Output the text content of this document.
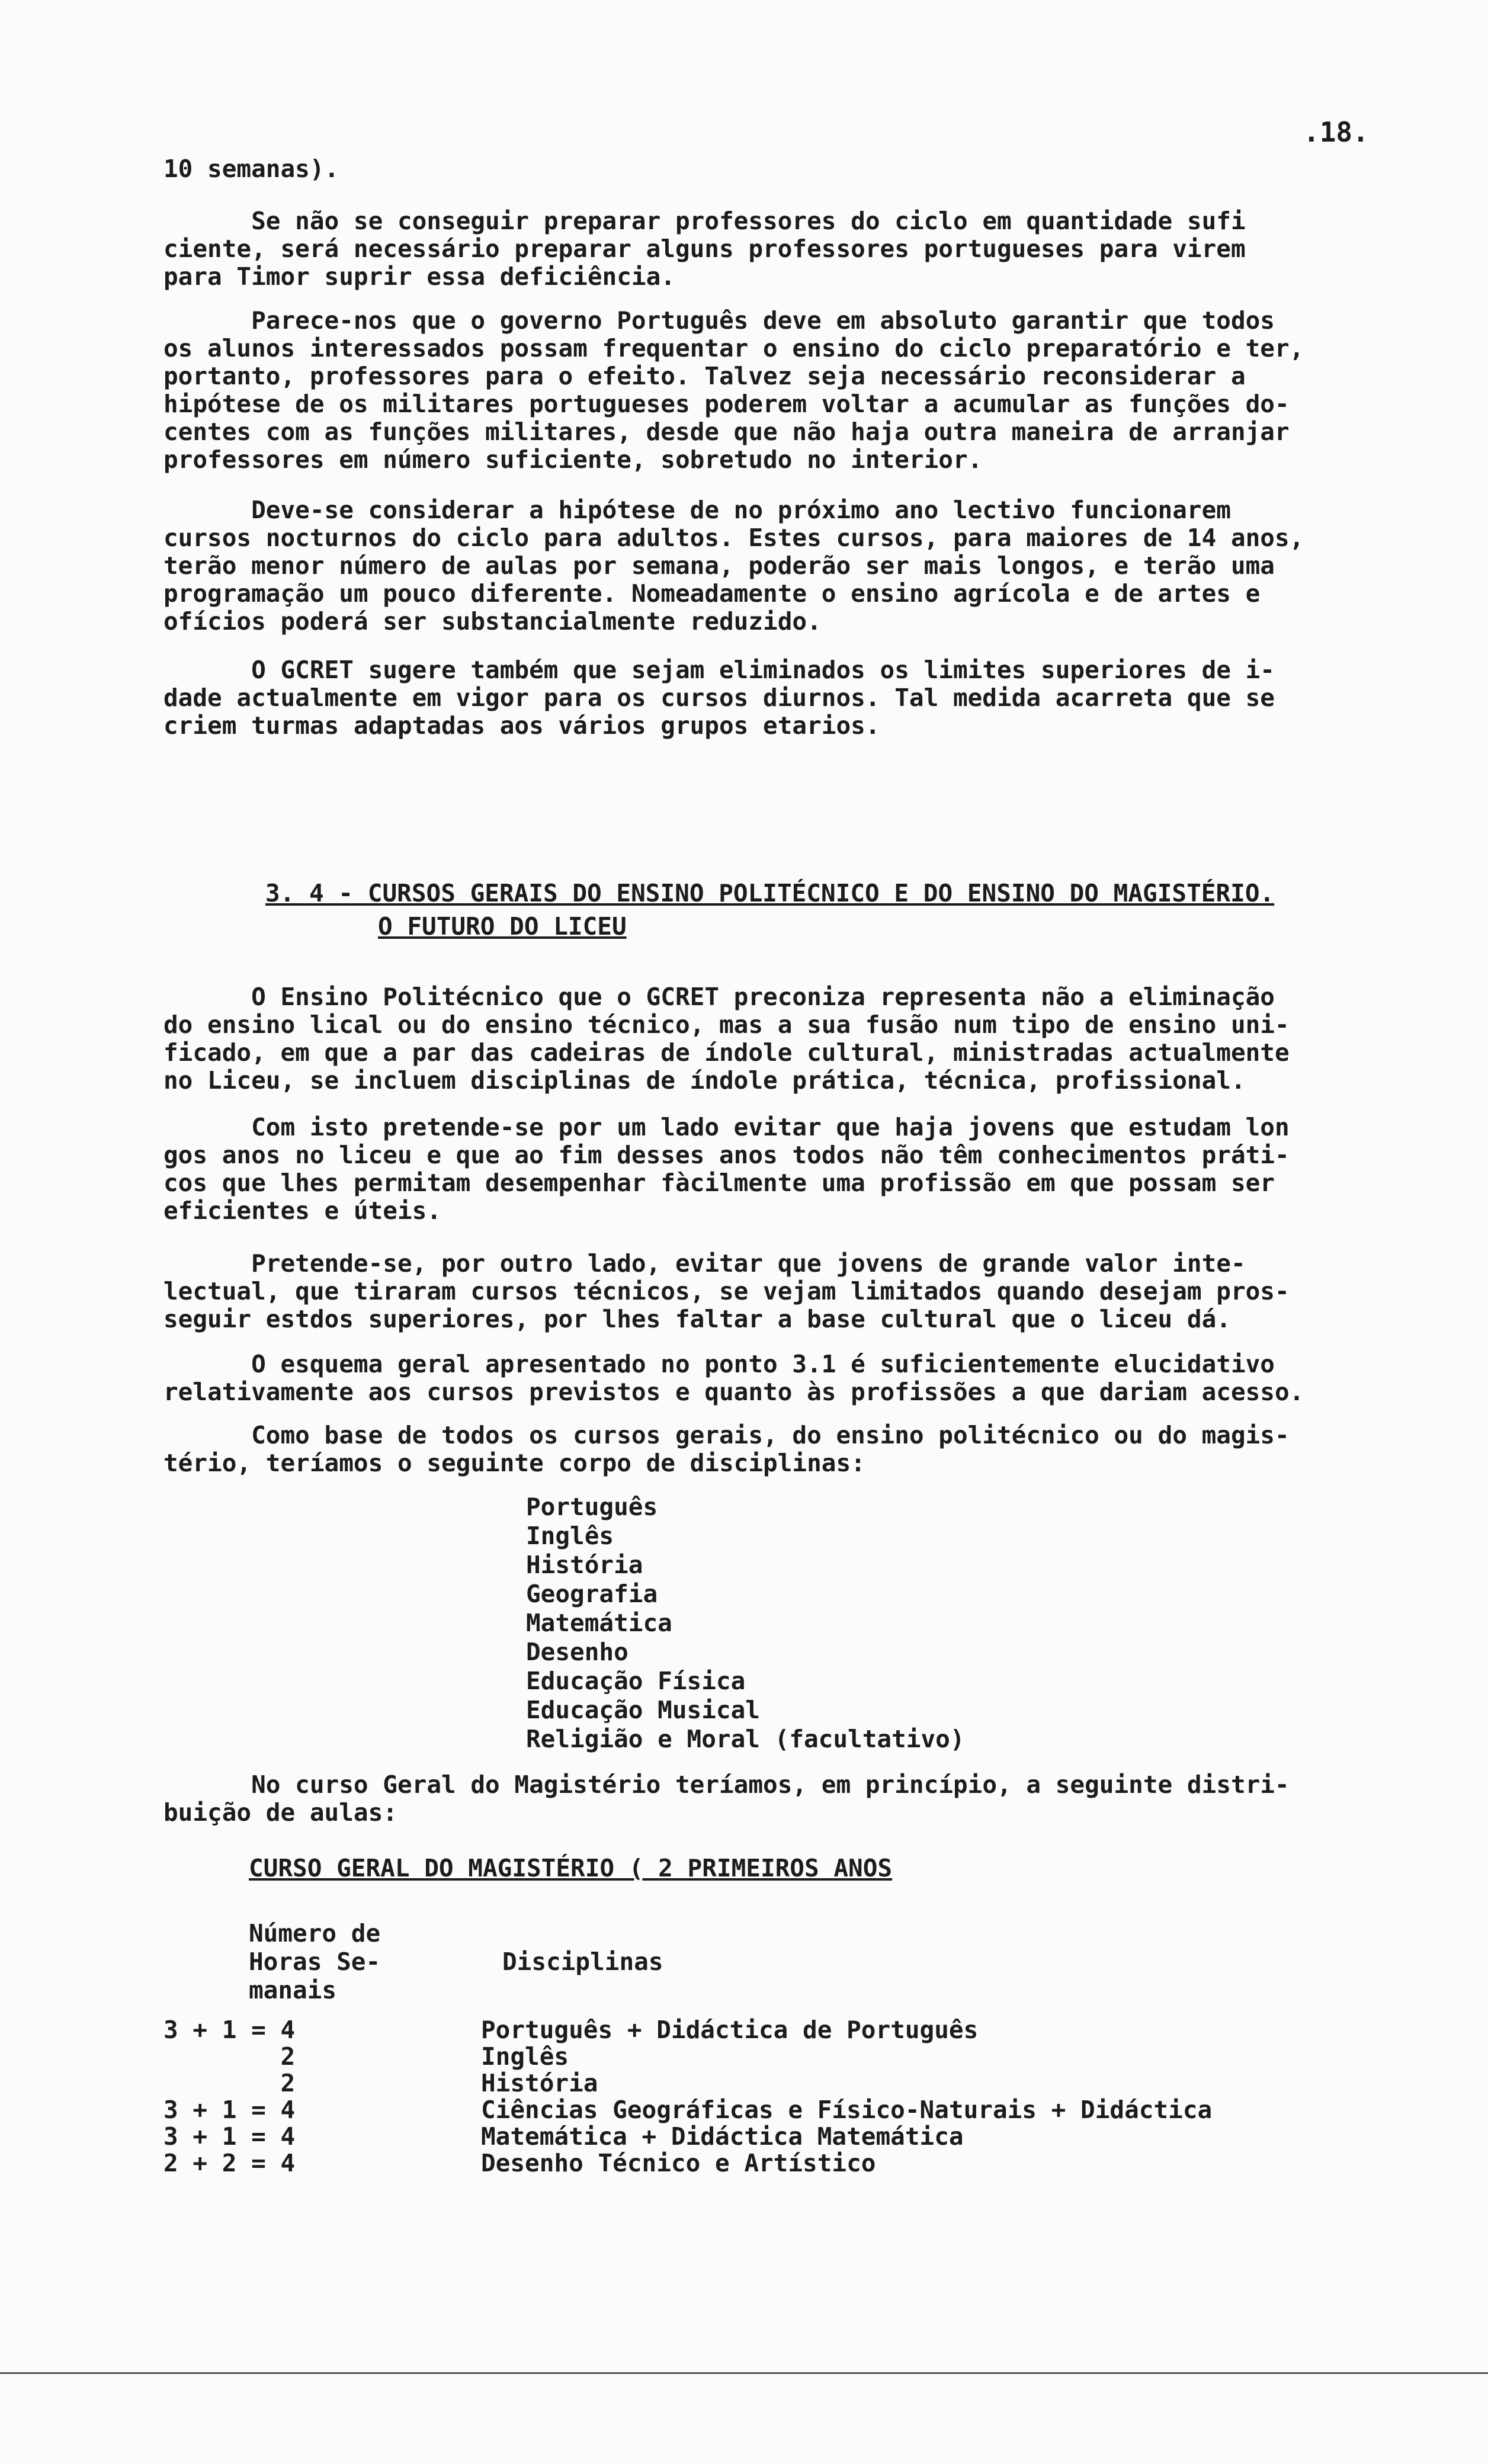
.18.

10 semanas).

Se não se conseguir preparar professores do ciclo em quantidade sufi
ciente, será necessário preparar alguns professores portugueses para virem
para Timor suprir essa deficiência.

Parece-nos que o governo Português deve em absoluto garantir que todos
os alunos interessados possam frequentar o ensino do ciclo preparatório e ter,
portanto, professores para o efeito. Talvez seja necessário reconsiderar a
hipótese de os militares portugueses poderem voltar a acumular as funções do-
centes com as funções militares, desde que não haja outra maneira de arranjar
professores em número suficiente, sobretudo no interior.

Deve-se considerar a hipótese de no próximo ano lectivo funcionarem
cursos nocturnos do ciclo para adultos. Estes cursos, para maiores de 14 anos,
terão menor número de aulas por semana, poderão ser mais longos, e terão uma
programação um pouco diferente. Nomeadamente o ensino agrícola e de artes e
ofícios poderá ser substancialmente reduzido.

O GCRET sugere também que sejam eliminados os limites superiores de i-
dade actualmente em vigor para os cursos diurnos. Tal medida acarreta que se
criem turmas adaptadas aos vários grupos etarios.

3. 4 - CURSOS GERAIS DO ENSINO POLITÉCNICO E DO ENSINO DO MAGISTÉRIO.
O FUTURO DO LICEU

O Ensino Politécnico que o GCRET preconiza representa não a eliminação
do ensino lical ou do ensino técnico, mas a sua fusão num tipo de ensino uni-
ficado, em que a par das cadeiras de índole cultural, ministradas actualmente
no Liceu, se incluem disciplinas de índole prática, técnica, profissional.

Com isto pretende-se por um lado evitar que haja jovens que estudam lon
gos anos no liceu e que ao fim desses anos todos não têm conhecimentos práti-
cos que lhes permitam desempenhar fàcilmente uma profissão em que possam ser
eficientes e úteis.

Pretende-se, por outro lado, evitar que jovens de grande valor inte-
lectual, que tiraram cursos técnicos, se vejam limitados quando desejam pros-
seguir estdos superiores, por lhes faltar a base cultural que o liceu dá.

O esquema geral apresentado no ponto 3.1 é suficientemente elucidativo
relativamente aos cursos previstos e quanto às profissões a que dariam acesso.

Como base de todos os cursos gerais, do ensino politécnico ou do magis-
tério, teríamos o seguinte corpo de disciplinas:

Português
Inglês
História
Geografia
Matemática
Desenho
Educação Física
Educação Musical
Religião e Moral (facultativo)

No curso Geral do Magistério teríamos, em princípio, a seguinte distri-
buição de aulas:

CURSO GERAL DO MAGISTÉRIO ( 2 PRIMEIROS ANOS
Número de
Horas Se-
manais
Disciplinas
3 + 1 = 4	Português + Didáctica de Português
2	Inglês
2	História
3 + 1 = 4	Ciências Geográficas e Físico-Naturais + Didáctica
3 + 1 = 4	Matemática + Didáctica Matemática
2 + 2 = 4	Desenho Técnico e Artístico
